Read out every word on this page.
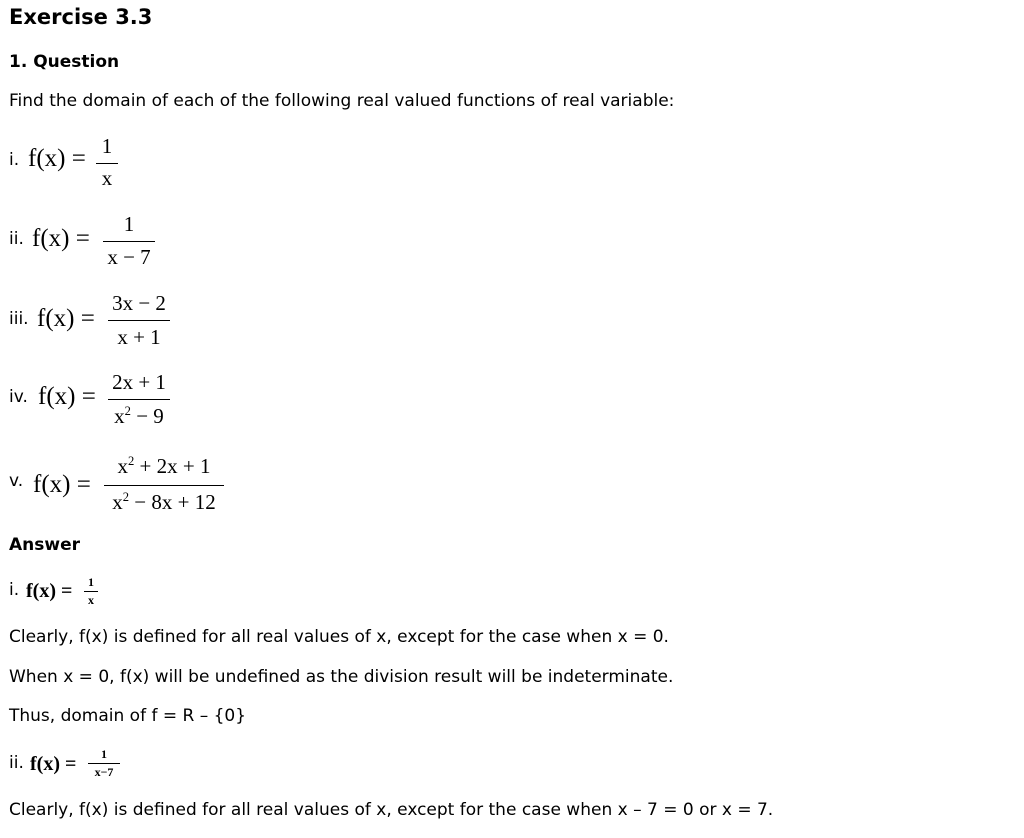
Exercise 3.3
1. Question
Find the domain of each of the following real valued functions of real variable:
i. f(x) = 1
x
ii. f(x) =
1
x − 7
iii. f(x) =
3x − 2
x + 1
iv. f(x) =
2x + 1
$x^2 - 9$
v. f(x) =
$x^2 + 2x + 1$
$x^2 - 8x + 12$
Answer
i. f(x) =	1
x
Clearly, f(x) is defined for all real values of x, except for the case when x = 0.
When x = 0, f(x) will be undefined as the division result will be indeterminate.
Thus, domain of f = R – {0}
ii. f(x) =	1
x−7
Clearly, f(x) is defined for all real values of x, except for the case when x – 7 = 0 or x = 7.
